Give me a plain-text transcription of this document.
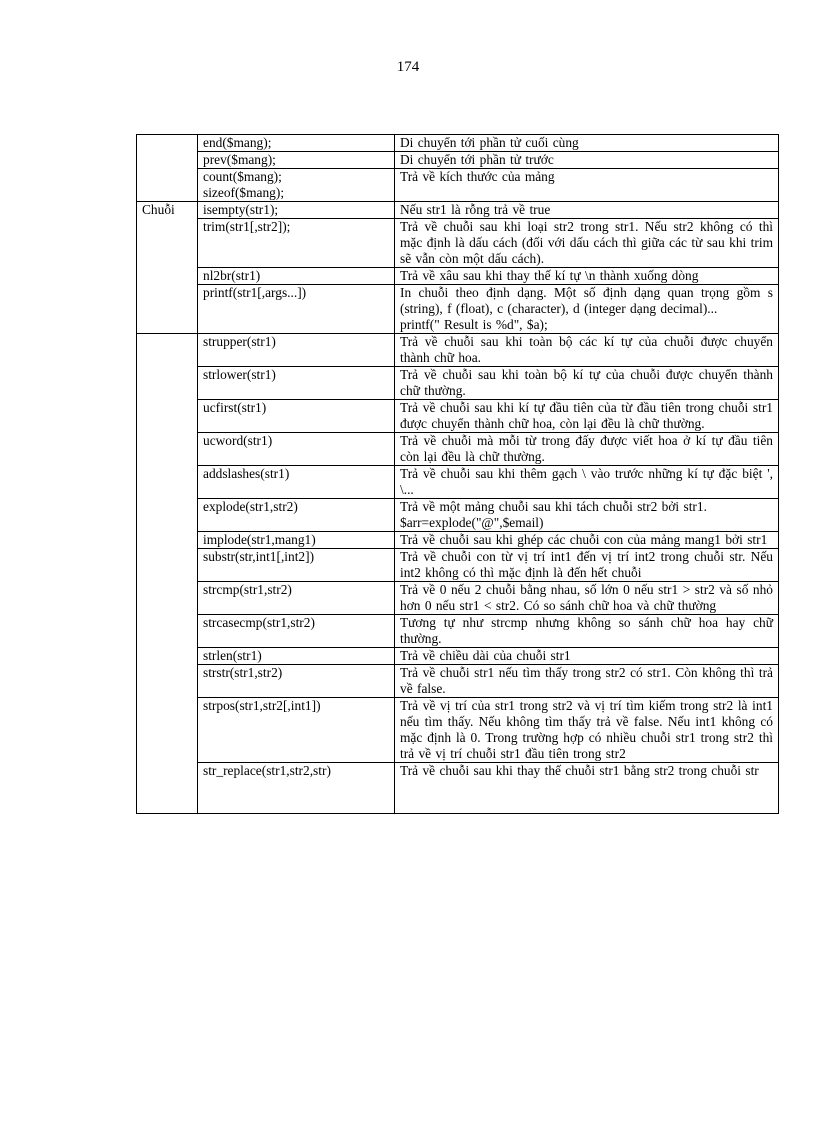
174

	end($mang);	Di chuyển tới phần tử cuối cùng

	prev($mang);	Di chuyển tới phần tử trước

	count($mang);
sizeof($mang);	Trả về kích thước của mảng

Chuỗi	isempty(str1);	Nếu str1 là rỗng trả về true

	trim(str1[,str2]);	Trả về chuỗi sau khi loại str2 trong str1. Nếu str2 không có thì mặc định là dấu cách (đối với dấu cách thì giữa các từ sau khi trim sẽ vẫn còn một dấu cách).

	nl2br(str1)	Trả về xâu sau khi thay thế kí tự \n thành xuống dòng

	printf(str1[,args...])	In chuỗi theo định dạng. Một số định dạng quan trọng gồm s (string), f (float), c (character), d (integer dạng decimal)...
printf(" Result is %d", $a);

	strupper(str1)	Trả về chuỗi sau khi toàn bộ các kí tự của chuỗi được chuyển thành chữ hoa.

	strlower(str1)	Trả về chuỗi sau khi toàn bộ kí tự của chuỗi được chuyển thành chữ thường.

	ucfirst(str1)	Trả về chuỗi sau khi kí tự đầu tiên của từ đầu tiên trong chuỗi str1 được chuyển thành chữ hoa, còn lại đều là chữ thường.

	ucword(str1)	Trả về chuỗi mà mỗi từ trong đấy được viết hoa ở kí tự đầu tiên còn lại đều là chữ thường.

	addslashes(str1)	Trả về chuỗi sau khi thêm gạch \ vào trước những kí tự đặc biệt ', \...

	explode(str1,str2)	Trả về một mảng chuỗi sau khi tách chuỗi str2 bởi str1.
$arr=explode("@",$email)

	implode(str1,mang1)	Trả về chuỗi sau khi ghép các chuỗi con của mảng mang1 bởi str1

	substr(str,int1[,int2])	Trả về chuỗi con từ vị trí int1 đến vị trí int2 trong chuỗi str. Nếu int2 không có thì mặc định là đến hết chuỗi

	strcmp(str1,str2)	Trả về 0 nếu 2 chuỗi bằng nhau, số lớn 0 nếu str1 > str2 và số nhỏ hơn 0 nếu str1 < str2. Có so sánh chữ hoa và chữ thường

	strcasecmp(str1,str2)	Tương tự như strcmp nhưng không so sánh chữ hoa hay chữ thường.

	strlen(str1)	Trả về chiều dài của chuỗi str1

	strstr(str1,str2)	Trả về chuỗi str1 nếu tìm thấy trong str2 có str1. Còn không thì trả về false.

	strpos(str1,str2[,int1])	Trả về vị trí của str1 trong str2 và vị trí tìm kiếm trong str2 là int1 nếu tìm thấy. Nếu không tìm thấy trả về false. Nếu int1 không có mặc định là 0. Trong trường hợp có nhiều chuỗi str1 trong str2 thì trả về vị trí chuỗi str1 đầu tiên trong str2

	str_replace(str1,str2,str)	Trả về chuỗi sau khi thay thế chuỗi str1 bằng str2 trong chuỗi str
